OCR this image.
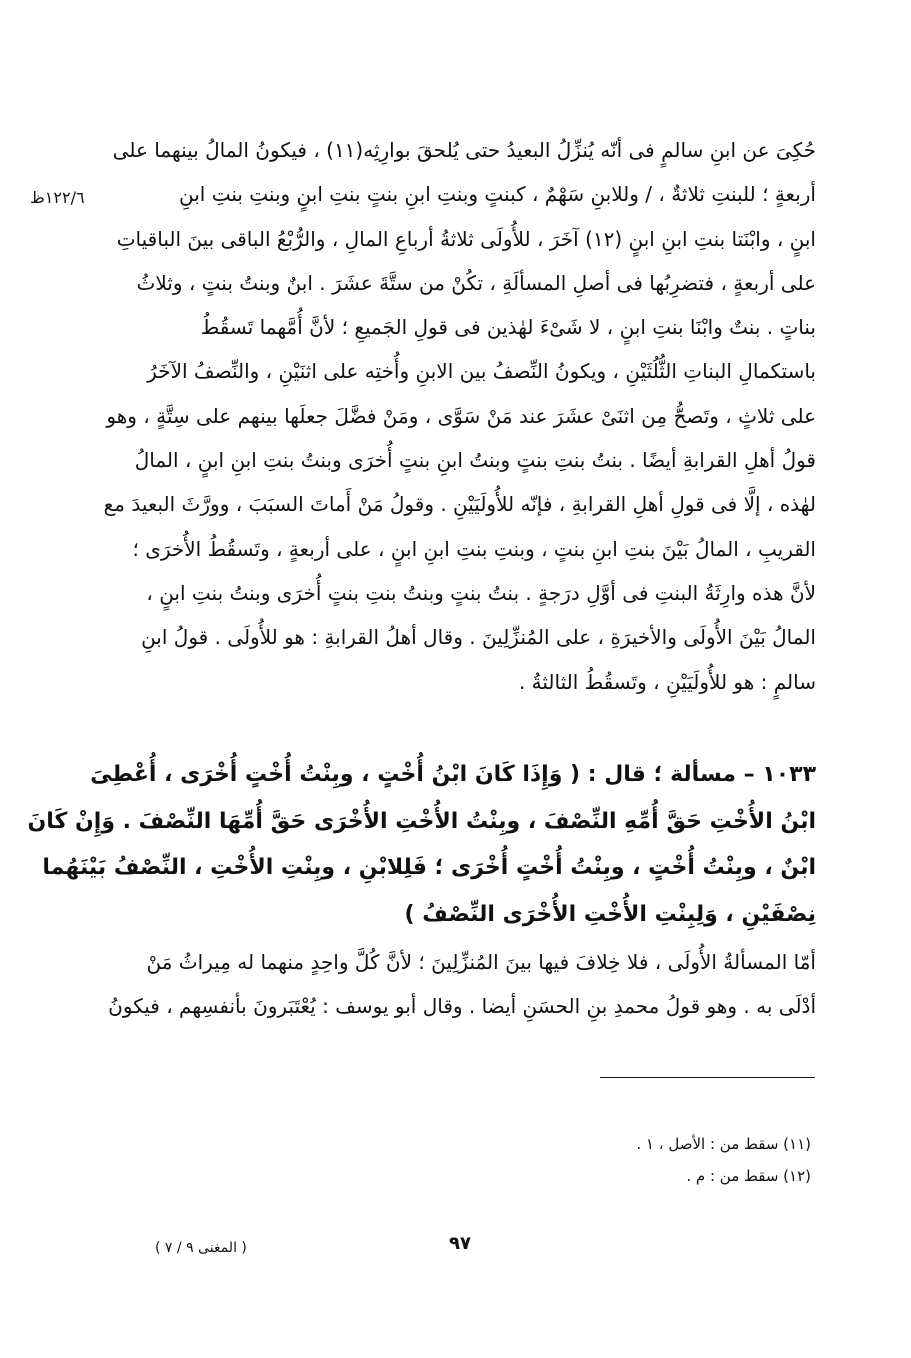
١٢٢/٦ظ
حُكِىَ عن ابنِ سالمٍ فى أنّه يُنزِّلُ البعيدُ حتى يُلحقَ بوارِثِه(١١) ، فيكونُ المالُ بينهما على
أربعةٍ ؛ للبنتِ ثلاثةٌ ، / وللابنِ سَهْمٌ ، كبنتٍ وبنتِ ابنِ بنتٍ بنتِ ابنٍ وبنتِ بنتِ ابنِ
ابنٍ ، وابْنَتا بنتِ ابنِ ابنٍ (١٢) آخَرَ ، للأُولَى ثلاثةُ أرباعِ المالِ ، والرُّبْعُ الباقى بينَ الباقياتِ
على أربعةٍ ، فتضرِبُها فى أصلِ المسألَةِ ، تكُنْ من ستَّةَ عشَرَ . ابنٌ وبنتُ بنتٍ ، وثلاثُ
بناتٍ . بنتٌ وابْنَا بنتِ ابنٍ ، لا شَىْءَ لهٰذين فى قولِ الجَميعِ ؛ لأنَّ أُمَّهما تَسقُطُ
باستكمالِ البناتِ الثُّلُثَيْنِ ، ويكونُ النِّصفُ بين الابنِ وأُختِه على اثنَيْنِ ، والنِّصفُ الآخَرُ
على ثلاثٍ ، وتَصحُّ مِن اثنَىْ عشَرَ عند مَنْ سَوَّى ، ومَنْ فضَّلَ جعلَها بينهم على سِتَّةٍ ، وهو
قولُ أهلِ القرابةِ أيضًا . بنتُ بنتِ بنتٍ وبنتُ ابنِ بنتٍ أُخرَى وبنتُ بنتِ ابنِ ابنٍ ، المالُ
لهٰذه ، إلَّا فى قولِ أهلِ القرابةِ ، فإنّه للأُولَيَيْنِ . وقولُ مَنْ أَماتَ السبَبَ ، وورَّثَ البعيدَ مع
القريبِ ، المالُ بَيْنَ بنتِ ابنِ بنتٍ ، وبنتِ بنتِ ابنِ ابنٍ ، على أربعةٍ ، وتَسقُطُ الأُخرَى ؛
لأنَّ هذه وارِثَةُ البنتِ فى أوَّلِ درَجةٍ . بنتُ بنتٍ وبنتُ بنتِ بنتٍ أُخرَى وبنتُ بنتِ ابنٍ ،
المالُ بَيْنَ الأُولَى والأخيرَةِ ، على المُنزِّلِينَ . وقال أهلُ القرابةِ : هو للأُولَى . قولُ ابنِ
سالمٍ : هو للأُولَيَيْنِ ، وتَسقُطُ الثالثةُ .
١٠٣٣ – مسألة ؛ قال : ( وَإِذَا كَانَ ابْنُ أُخْتٍ ، وبِنْتُ أُخْتٍ أُخْرَى ، أُعْطِىَ
ابْنُ الأُخْتِ حَقَّ أُمِّهِ النِّصْفَ ، وبِنْتُ الأُخْتِ الأُخْرَى حَقَّ أُمِّهَا النِّصْفَ . وَإِنْ كَانَ
ابْنٌ ، وبِنْتُ أُخْتٍ ، وبِنْتُ أُخْتٍ أُخْرَى ؛ فَلِلابْنِ ، وبِنْتِ الأُخْتِ ، النِّصْفُ بَيْنَهُما
نِصْفَيْنِ ، وَلِبِنْتِ الأُخْتِ الأُخْرَى النِّصْفُ )
أمّا المسألةُ الأُولَى ، فلا خِلافَ فيها بينَ المُنزِّلِينَ ؛ لأنَّ كُلَّ واحِدٍ منهما له مِيراثُ مَنْ
أدْلَى به . وهو قولُ محمدِ بنِ الحسَنِ أيضا . وقال أبو يوسف : يُعْتَبَرونَ بأنفسِهم ، فيكونُ
(١١) سقط من : الأصل ، ١ .
(١٢) سقط من : م .
٩٧
( المغنى ٩ / ٧ )
